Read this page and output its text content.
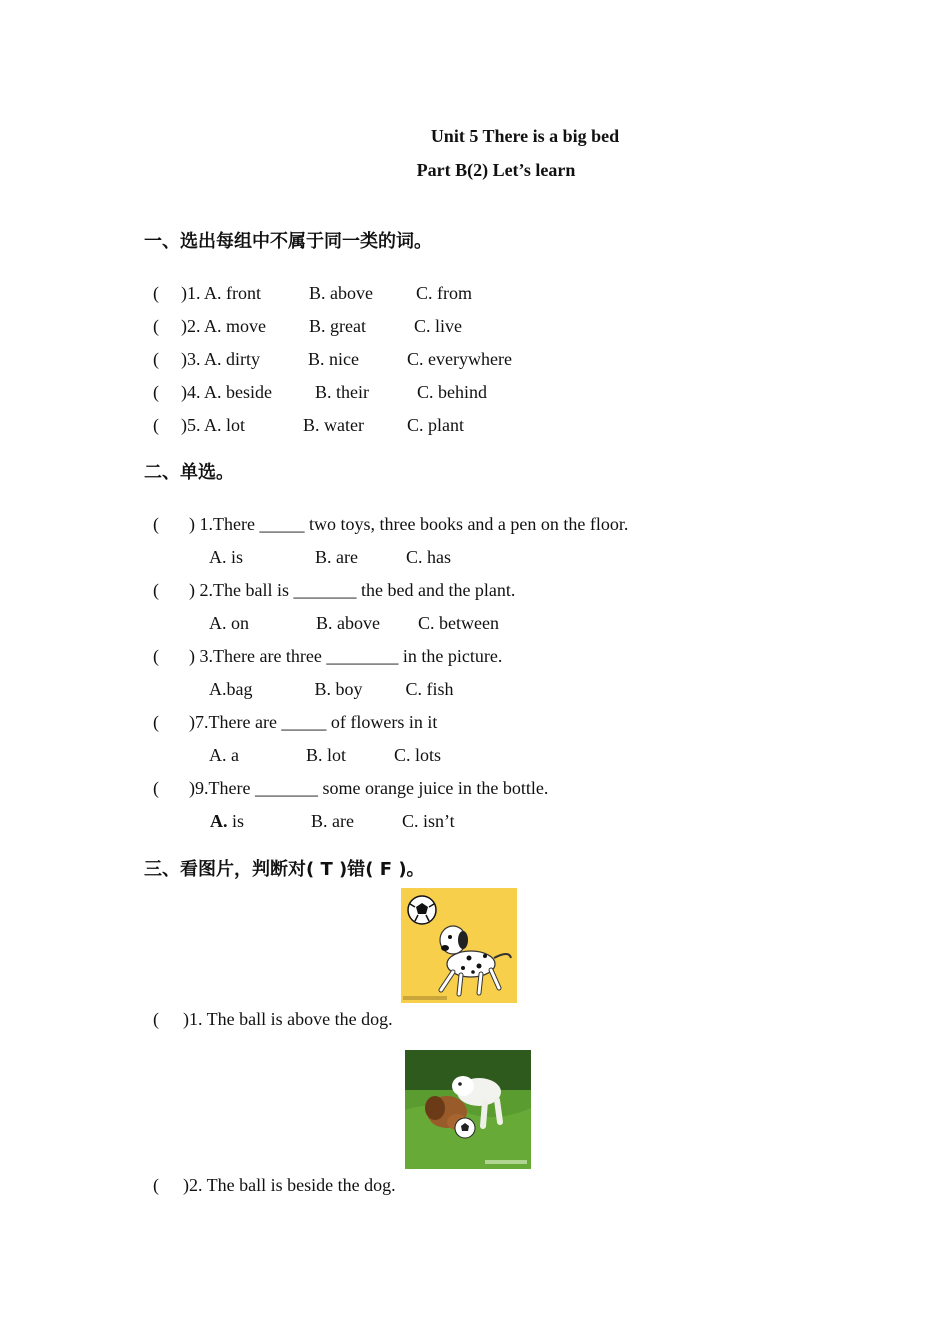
Unit 5 There is a big bed
Part B(2) Let’s learn
一、选出每组中不属于同一类的词。

( )1. A. front	B. above C. from

( )2. A. move B. great	C. live

( )3. A. dirty	B. nice	C. everywhere

( )4. A. beside B. their	C. behind

( )5. A. lot	B. water C. plant

二、单选。

( ) 1.There _____ two toys, three books and a pen on the floor.

A. is	B. are	C. has

( ) 2.The ball is _______ the bed and the plant.

A. on	B. above C. between

( ) 3.There are three ________ in the picture.

A.bag	B. boy C. fish

( )7.There are _____ of flowers in it

A. a	B. lot	C. lots

( )9.There _______ some orange juice in the bottle.

A. is	B. are	C. isn’t

三、看图片，判断对( T )错( F )。

( )1. The ball is above the dog.

( )2. The ball is beside the dog.
